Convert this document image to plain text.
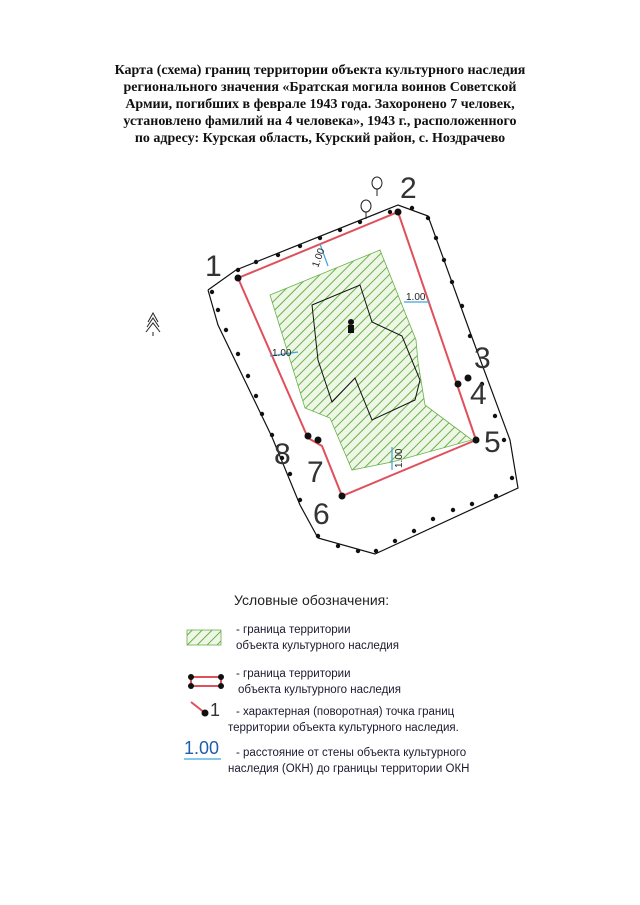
Карта (схема) границ территории объекта культурного наследия
регионального значения «Братская могила воинов Советской
Армии, погибших в феврале 1943 года. Захоронено 7 человек,
установлено фамилий на 4 человека», 1943 г., расположенного
по адресу: Курская область, Курский район, с. Ноздрачево
1.00
1.00
1.00
1.00
1
2
3
4
5
6
7
8
Условные обозначения:
- граница территории
объекта культурного наследия
- граница территории
объекта культурного наследия
1	- характерная (поворотная) точка границ
территории объекта культурного наследия.
1.00	- расстояние от стены объекта культурного
наследия (ОКН) до границы территории ОКН
